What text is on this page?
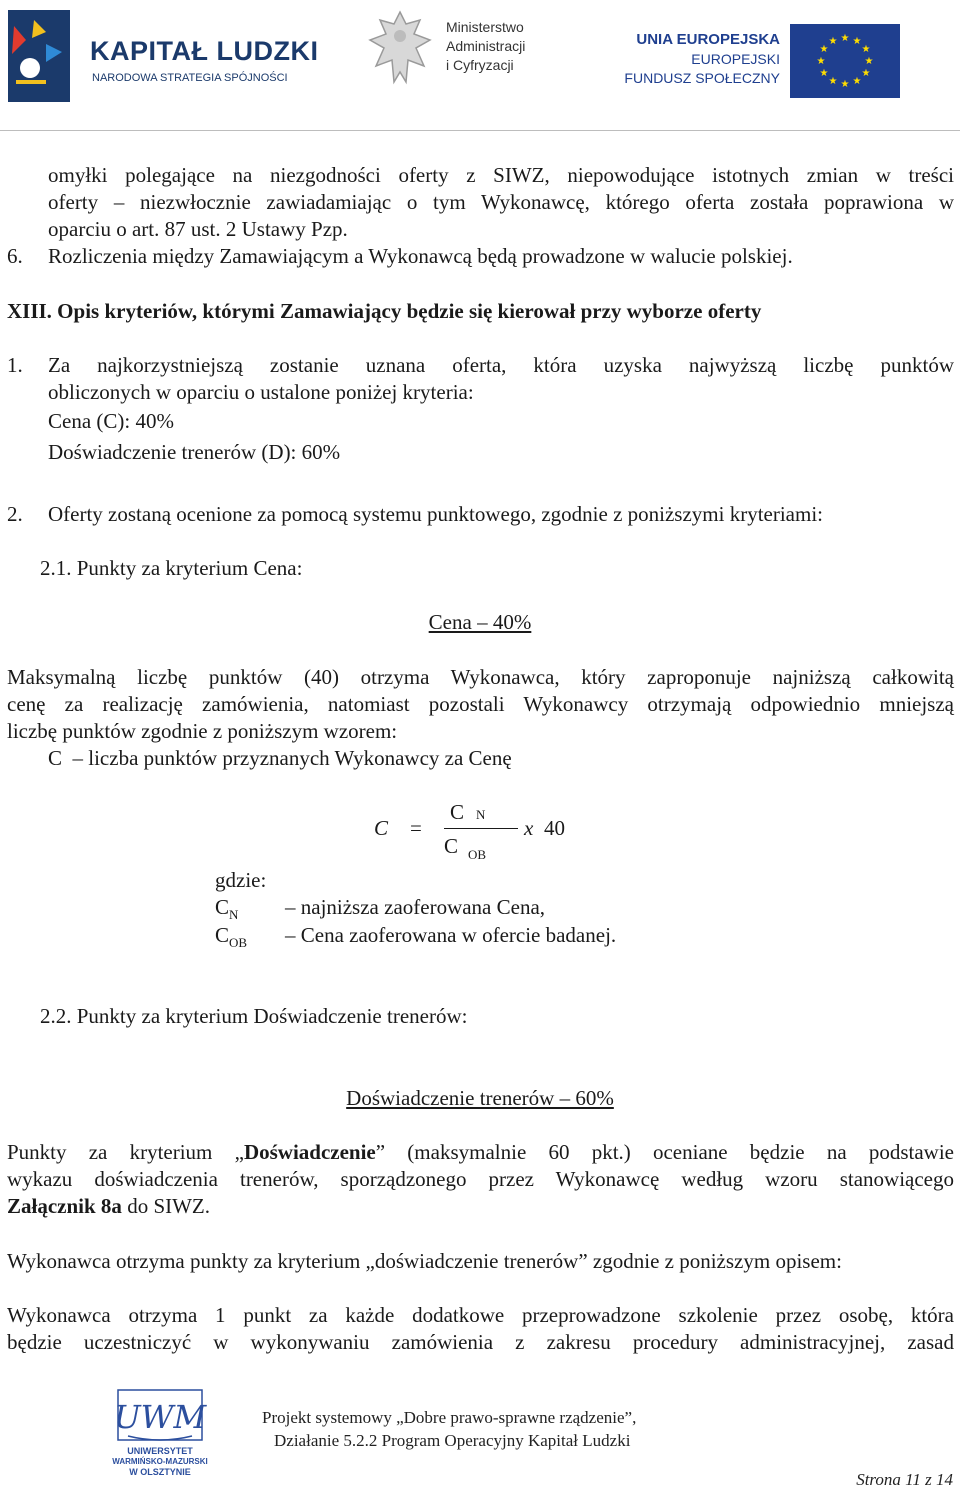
KAPITAŁ LUDZKI
NARODOWA STRATEGIA SPÓJNOŚCI
Ministerstwo
Administracji
i Cyfryzacji
UNIA EUROPEJSKA
EUROPEJSKI
FUNDUSZ SPOŁECZNY
★ ★
★
★
★
★
★
★
★
★
★
★
omyłki polegające na niezgodności oferty z SIWZ, niepowodujące istotnych zmian w treści
oferty – niezwłocznie zawiadamiając o tym Wykonawcę, którego oferta została poprawiona w
oparciu o art. 87 ust. 2 Ustawy Pzp.
6. Rozliczenia między Zamawiającym a Wykonawcą będą prowadzone w walucie polskiej.
XIII. Opis kryteriów, którymi Zamawiający będzie się kierował przy wyborze oferty
1. Za najkorzystniejszą zostanie uznana oferta, która uzyska najwyższą liczbę punktów
obliczonych w oparciu o ustalone poniżej kryteria:
Cena (C): 40%
Doświadczenie trenerów (D): 60%
2. Oferty zostaną ocenione za pomocą systemu punktowego, zgodnie z poniższymi kryteriami:
2.1. Punkty za kryterium Cena:
Cena – 40%
Maksymalną liczbę punktów (40) otrzyma Wykonawca, który zaproponuje najniższą całkowitą
cenę za realizację zamówienia, natomiast pozostali Wykonawcy otrzymają odpowiednio mniejszą
liczbę punktów zgodnie z poniższym wzorem:
C  – liczba punktów przyznanych Wykonawcy za Cenę
C =
C N
C $_{OB}$
x 40
gdzie:
$C_N$ – najniższa zaoferowana Cena,
$C_{OB}$ – Cena zaoferowana w ofercie badanej.
2.2. Punkty za kryterium Doświadczenie trenerów:
Doświadczenie trenerów – 60%
Punkty za kryterium „Doświadczenie” (maksymalnie 60 pkt.) oceniane będzie na podstawie
wykazu doświadczenia trenerów, sporządzonego przez Wykonawcę według wzoru stanowiącego
Załącznik 8a do SIWZ.
Wykonawca otrzyma punkty za kryterium „doświadczenie trenerów” zgodnie z poniższym opisem:
Wykonawca otrzyma 1 punkt za każde dodatkowe przeprowadzone szkolenie przez osobę, która
będzie uczestniczyć w wykonywaniu zamówienia z zakresu procedury administracyjnej, zasad
UWM
UNIWERSYTET
WARMIŃSKO-MAZURSKI
W OLSZTYNIE
Projekt systemowy „Dobre prawo-sprawne rządzenie”,
Działanie 5.2.2 Program Operacyjny Kapitał Ludzki
Strona 11 z 14
